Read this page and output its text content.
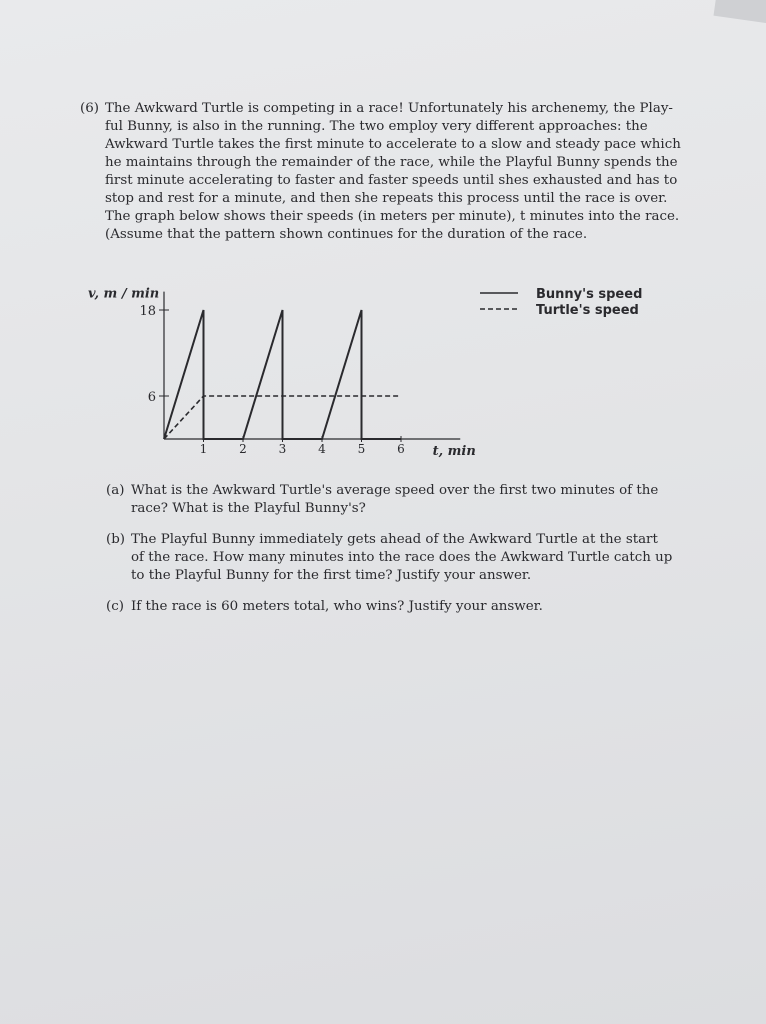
(6) The Awkward Turtle is competing in a race! Unfortunately his archenemy, the Play-
ful Bunny, is also in the running. The two employ very different approaches: the
Awkward Turtle takes the first minute to accelerate to a slow and steady pace which
he maintains through the remainder of the race, while the Playful Bunny spends the
first minute accelerating to faster and faster speeds until shes exhausted and has to
stop and rest for a minute, and then she repeats this process until the race is over.
The graph below shows their speeds (in meters per minute), t minutes into the race.
(Assume that the pattern shown continues for the duration of the race.
v, m / min
t, min
6
18
1	2	3	4	5	6
Bunny's speed
Turtle's speed
(a) What is the Awkward Turtle's average speed over the first two minutes of the
race? What is the Playful Bunny's?
(b) The Playful Bunny immediately gets ahead of the Awkward Turtle at the start
of the race. How many minutes into the race does the Awkward Turtle catch up
to the Playful Bunny for the first time? Justify your answer.
(c) If the race is 60 meters total, who wins? Justify your answer.
